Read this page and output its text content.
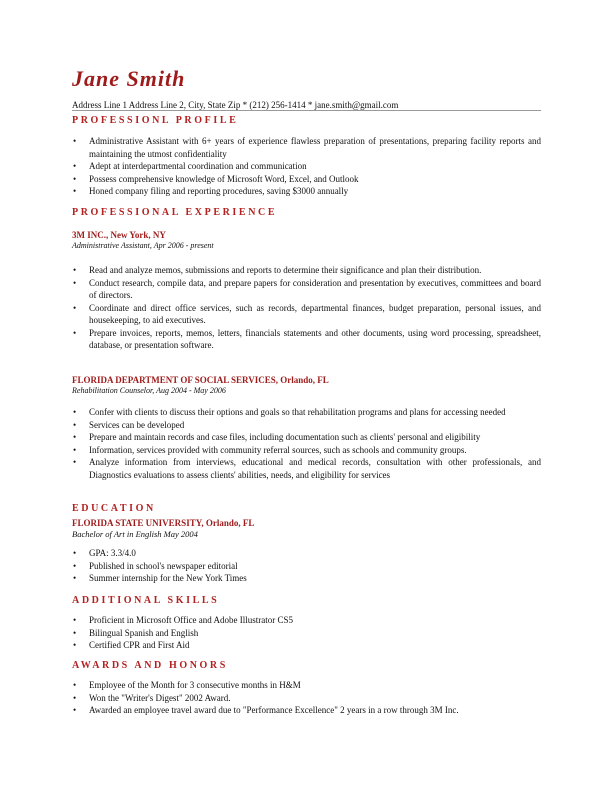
Jane Smith
Address Line 1 Address Line 2, City, State Zip * (212) 256-1414 * jane.smith@gmail.com
PROFESSIONL PROFILE
• Administrative Assistant with 6+ years of experience flawless preparation of presentations, preparing facility reports and maintaining the utmost confidentiality
• Adept at interdepartmental coordination and communication
• Possess comprehensive knowledge of Microsoft Word, Excel, and Outlook
• Honed company filing and reporting procedures, saving $3000 annually
PROFESSIONAL EXPERIENCE
3M INC., New York, NY
Administrative Assistant, Apr 2006 - present
• Read and analyze memos, submissions and reports to determine their significance and plan their distribution.
• Conduct research, compile data, and prepare papers for consideration and presentation by executives, committees and board of directors.
• Coordinate and direct office services, such as records, departmental finances, budget preparation, personal issues, and housekeeping, to aid executives.
• Prepare invoices, reports, memos, letters, financials statements and other documents, using word processing, spreadsheet, database, or presentation software.
FLORIDA DEPARTMENT OF SOCIAL SERVICES, Orlando, FL
Rehabilitation Counselor, Aug 2004 - May 2006
• Confer with clients to discuss their options and goals so that rehabilitation programs and plans for accessing needed
• Services can be developed
• Prepare and maintain records and case files, including documentation such as clients' personal and eligibility
• Information, services provided with community referral sources, such as schools and community groups.
• Analyze information from interviews, educational and medical records, consultation with other professionals, and Diagnostics evaluations to assess clients' abilities, needs, and eligibility for services
EDUCATION
FLORIDA STATE UNIVERSITY, Orlando, FL
Bachelor of Art in English May 2004
• GPA: 3.3/4.0
• Published in school's newspaper editorial
• Summer internship for the New York Times
ADDITIONAL SKILLS
• Proficient in Microsoft Office and Adobe Illustrator CS5
• Bilingual Spanish and English
• Certified CPR and First Aid
AWARDS AND HONORS
• Employee of the Month for 3 consecutive months in H&M
• Won the "Writer's Digest" 2002 Award.
• Awarded an employee travel award due to "Performance Excellence" 2 years in a row through 3M Inc.
